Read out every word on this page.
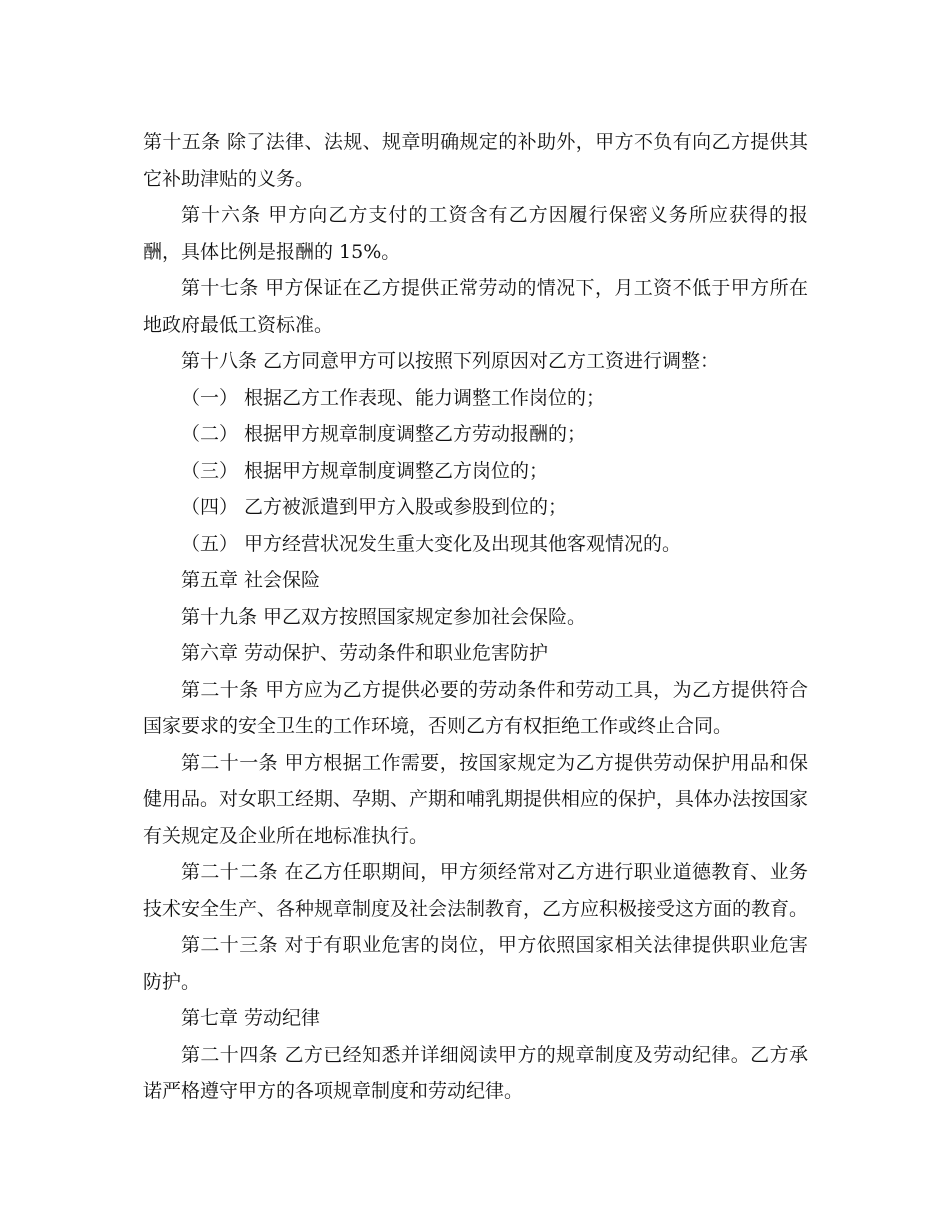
第十五条 除了法律、法规、规章明确规定的补助外，甲方不负有向乙方提供其它补助津贴的义务。

第十六条 甲方向乙方支付的工资含有乙方因履行保密义务所应获得的报酬，具体比例是报酬的 15%。

第十七条 甲方保证在乙方提供正常劳动的情况下，月工资不低于甲方所在地政府最低工资标准。

第十八条 乙方同意甲方可以按照下列原因对乙方工资进行调整：

（一） 根据乙方工作表现、能力调整工作岗位的；

（二） 根据甲方规章制度调整乙方劳动报酬的；

（三） 根据甲方规章制度调整乙方岗位的；

（四） 乙方被派遣到甲方入股或参股到位的；

（五） 甲方经营状况发生重大变化及出现其他客观情况的。

第五章 社会保险

第十九条 甲乙双方按照国家规定参加社会保险。

第六章 劳动保护、劳动条件和职业危害防护

第二十条 甲方应为乙方提供必要的劳动条件和劳动工具，为乙方提供符合国家要求的安全卫生的工作环境，否则乙方有权拒绝工作或终止合同。

第二十一条 甲方根据工作需要，按国家规定为乙方提供劳动保护用品和保健用品。对女职工经期、孕期、产期和哺乳期提供相应的保护，具体办法按国家有关规定及企业所在地标准执行。

第二十二条 在乙方任职期间，甲方须经常对乙方进行职业道德教育、业务技术安全生产、各种规章制度及社会法制教育，乙方应积极接受这方面的教育。

第二十三条 对于有职业危害的岗位，甲方依照国家相关法律提供职业危害防护。

第七章 劳动纪律

第二十四条 乙方已经知悉并详细阅读甲方的规章制度及劳动纪律。乙方承诺严格遵守甲方的各项规章制度和劳动纪律。
